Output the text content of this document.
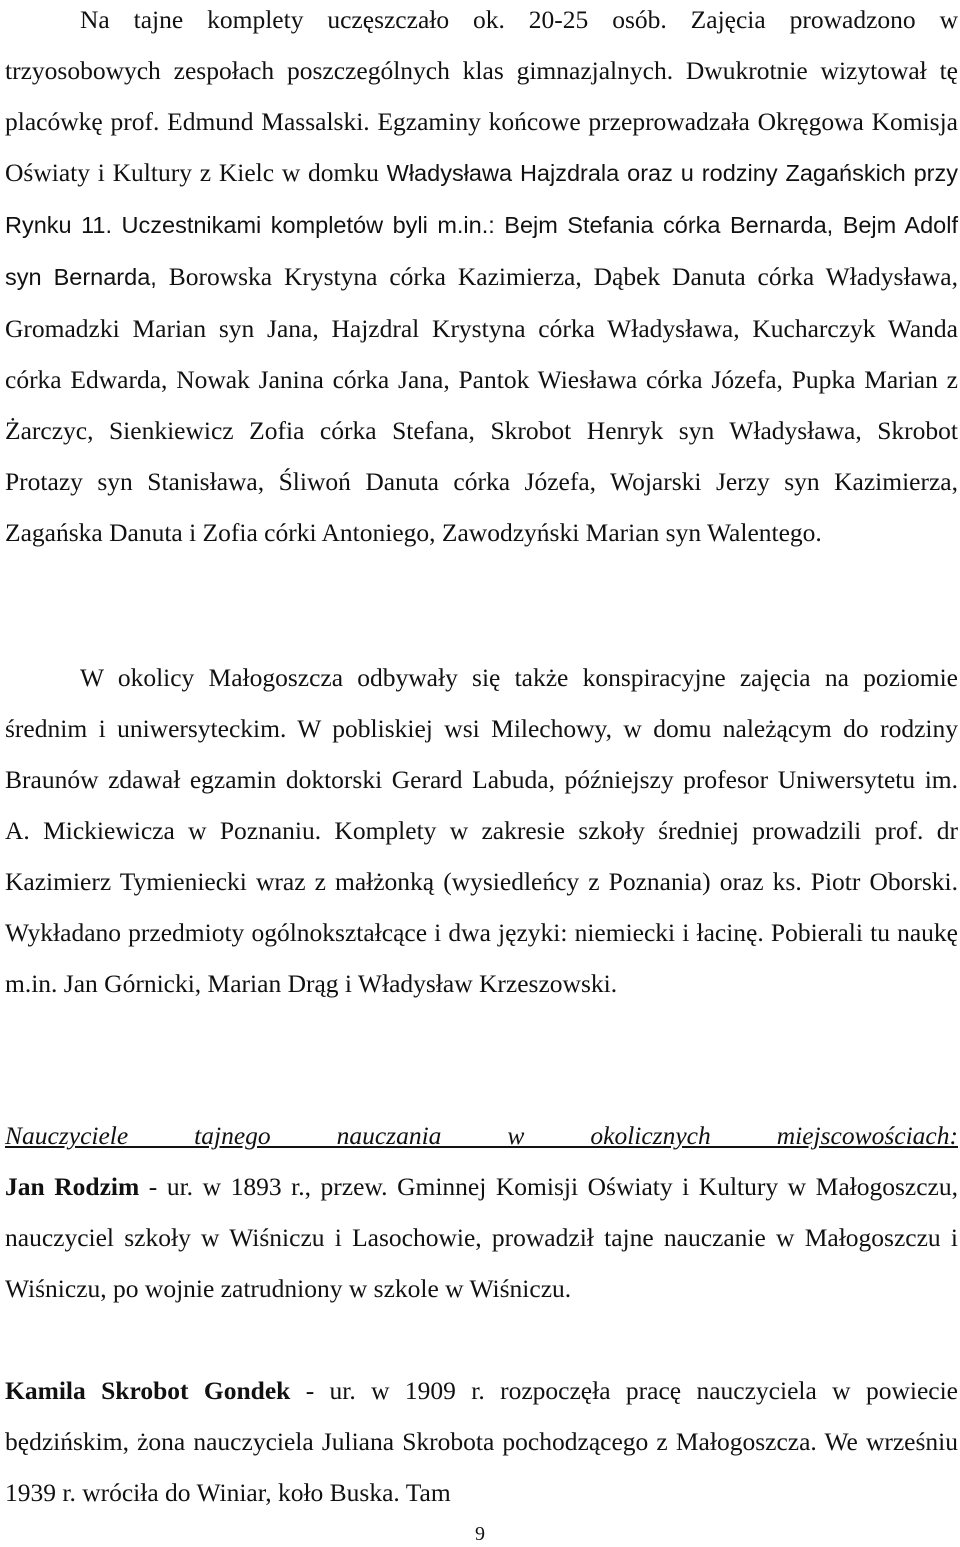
Na tajne komplety uczęszczało ok. 20-25 osób. Zajęcia prowadzono w trzyosobowych zespołach poszczególnych klas gimnazjalnych. Dwukrotnie wizytował tę placówkę prof. Edmund Massalski. Egzaminy końcowe przeprowadzała Okręgowa Komisja Oświaty i Kultury z Kielc w domku Władysława Hajzdrala oraz u rodziny Zagańskich przy Rynku 11. Uczestnikami kompletów byli m.in.: Bejm Stefania córka Bernarda, Bejm Adolf syn Bernarda, Borowska Krystyna córka Kazimierza, Dąbek Danuta córka Władysława, Gromadzki Marian syn Jana, Hajzdral Krystyna córka Władysława, Kucharczyk Wanda córka Edwarda, Nowak Janina córka Jana, Pantok Wiesława córka Józefa, Pupka Marian z Żarczyc, Sienkiewicz Zofia córka Stefana, Skrobot Henryk syn Władysława, Skrobot Protazy syn Stanisława, Śliwoń Danuta córka Józefa, Wojarski Jerzy syn Kazimierza, Zagańska Danuta i Zofia córki Antoniego, Zawodzyński Marian syn Walentego.

W okolicy Małogoszcza odbywały się także konspiracyjne zajęcia na poziomie średnim i uniwersyteckim. W pobliskiej wsi Milechowy, w domu należącym do rodziny Braunów zdawał egzamin doktorski Gerard Labuda, późniejszy profesor Uniwersytetu im. A. Mickiewicza w Poznaniu. Komplety w zakresie szkoły średniej prowadzili prof. dr Kazimierz Tymieniecki wraz z małżonką (wysiedleńcy z Poznania) oraz ks. Piotr Oborski. Wykładano przedmioty ogólnokształcące i dwa języki: niemiecki i łacinę. Pobierali tu naukę m.in. Jan Górnicki, Marian Drąg i Władysław Krzeszowski.

Nauczyciele tajnego nauczania w okolicznych miejscowościach:

Jan Rodzim - ur. w 1893 r., przew. Gminnej Komisji Oświaty i Kultury w Małogoszczu, nauczyciel szkoły w Wiśniczu i Lasochowie, prowadził tajne nauczanie w Małogoszczu i Wiśniczu, po wojnie zatrudniony w szkole w Wiśniczu.

Kamila Skrobot Gondek - ur. w 1909 r. rozpoczęła pracę nauczyciela w powiecie będzińskim, żona nauczyciela Juliana Skrobota pochodzącego z Małogoszcza. We wrześniu 1939 r. wróciła do Winiar, koło Buska. Tam

9
